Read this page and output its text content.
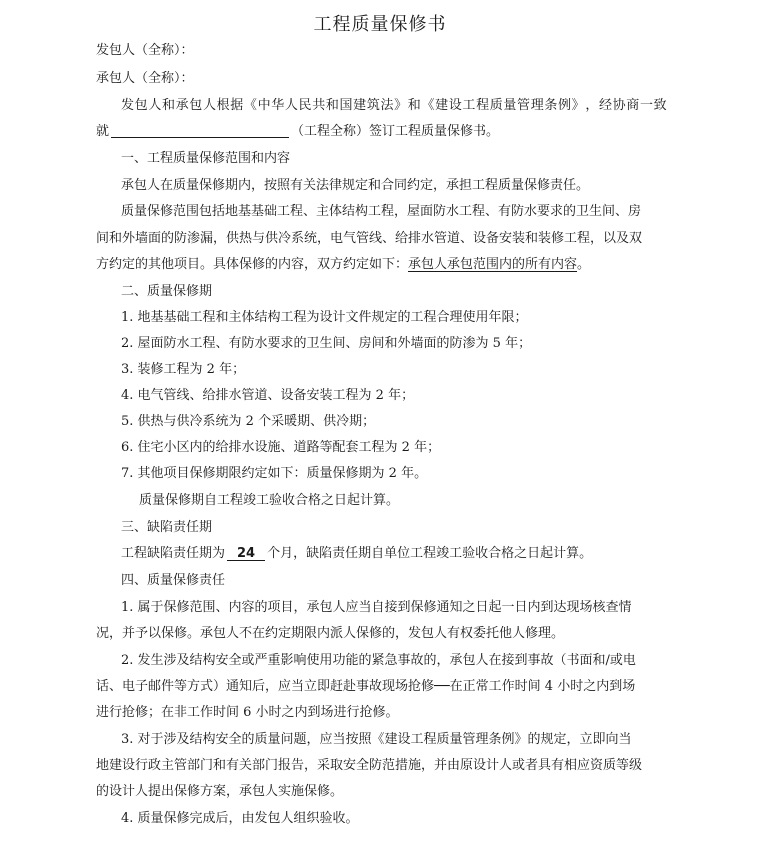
工程质量保修书
发包人（全称）：
承包人（全称）：
发 包 人 和 承 包 人 根 据 《 中 华 人 民 共 和 国 建 筑 法 》 和 《 建 设 工 程 质 量 管 理 条 例 》 ， 经 协 商 一 致
就	（工程全称）签订工程质量保修书。
一、工程质量保修范围和内容
承包人在质量保修期内，按照有关法律规定和合同约定，承担工程质量保修责任。
质量保修范围包括地基基础工程、主体结构工程，屋面防水工程、有防水要求的卫生间、房
间和外墙面的防渗漏，供热与供冷系统，电气管线、给排水管道、设备安装和装修工程，以及双
方约定的其他项目。具体保修的内容，双方约定如下：承包人承包范围内的所有内容。
二、质量保修期
1. 地基基础工程和主体结构工程为设计文件规定的工程合理使用年限；
2. 屋面防水工程、有防水要求的卫生间、房间和外墙面的防渗为 5 年；
3. 装修工程为 2 年；
4. 电气管线、给排水管道、设备安装工程为 2 年；
5. 供热与供冷系统为 2 个采暖期、供冷期；
6. 住宅小区内的给排水设施、道路等配套工程为 2 年；
7. 其他项目保修期限约定如下：质量保修期为 2 年。
质量保修期自工程竣工验收合格之日起计算。
三、缺陷责任期
工程缺陷责任期为 24 个月，缺陷责任期自单位工程竣工验收合格之日起计算。
四、质量保修责任
1. 属于保修范围、内容的项目，承包人应当自接到保修通知之日起一日内到达现场核查情
况，并予以保修。承包人不在约定期限内派人保修的，发包人有权委托他人修理。
2. 发生涉及结构安全或严重影响使用功能的紧急事故的，承包人在接到事故（书面和/或电
话、电子邮件等方式）通知后，应当立即赶赴事故现场抢修──在正常工作时间 4 小时之内到场
进行抢修；在非工作时间 6 小时之内到场进行抢修。
3. 对于涉及结构安全的质量问题，应当按照《建设工程质量管理条例》的规定，立即向当
地建设行政主管部门和有关部门报告，采取安全防范措施，并由原设计人或者具有相应资质等级
的设计人提出保修方案，承包人实施保修。
4. 质量保修完成后，由发包人组织验收。
